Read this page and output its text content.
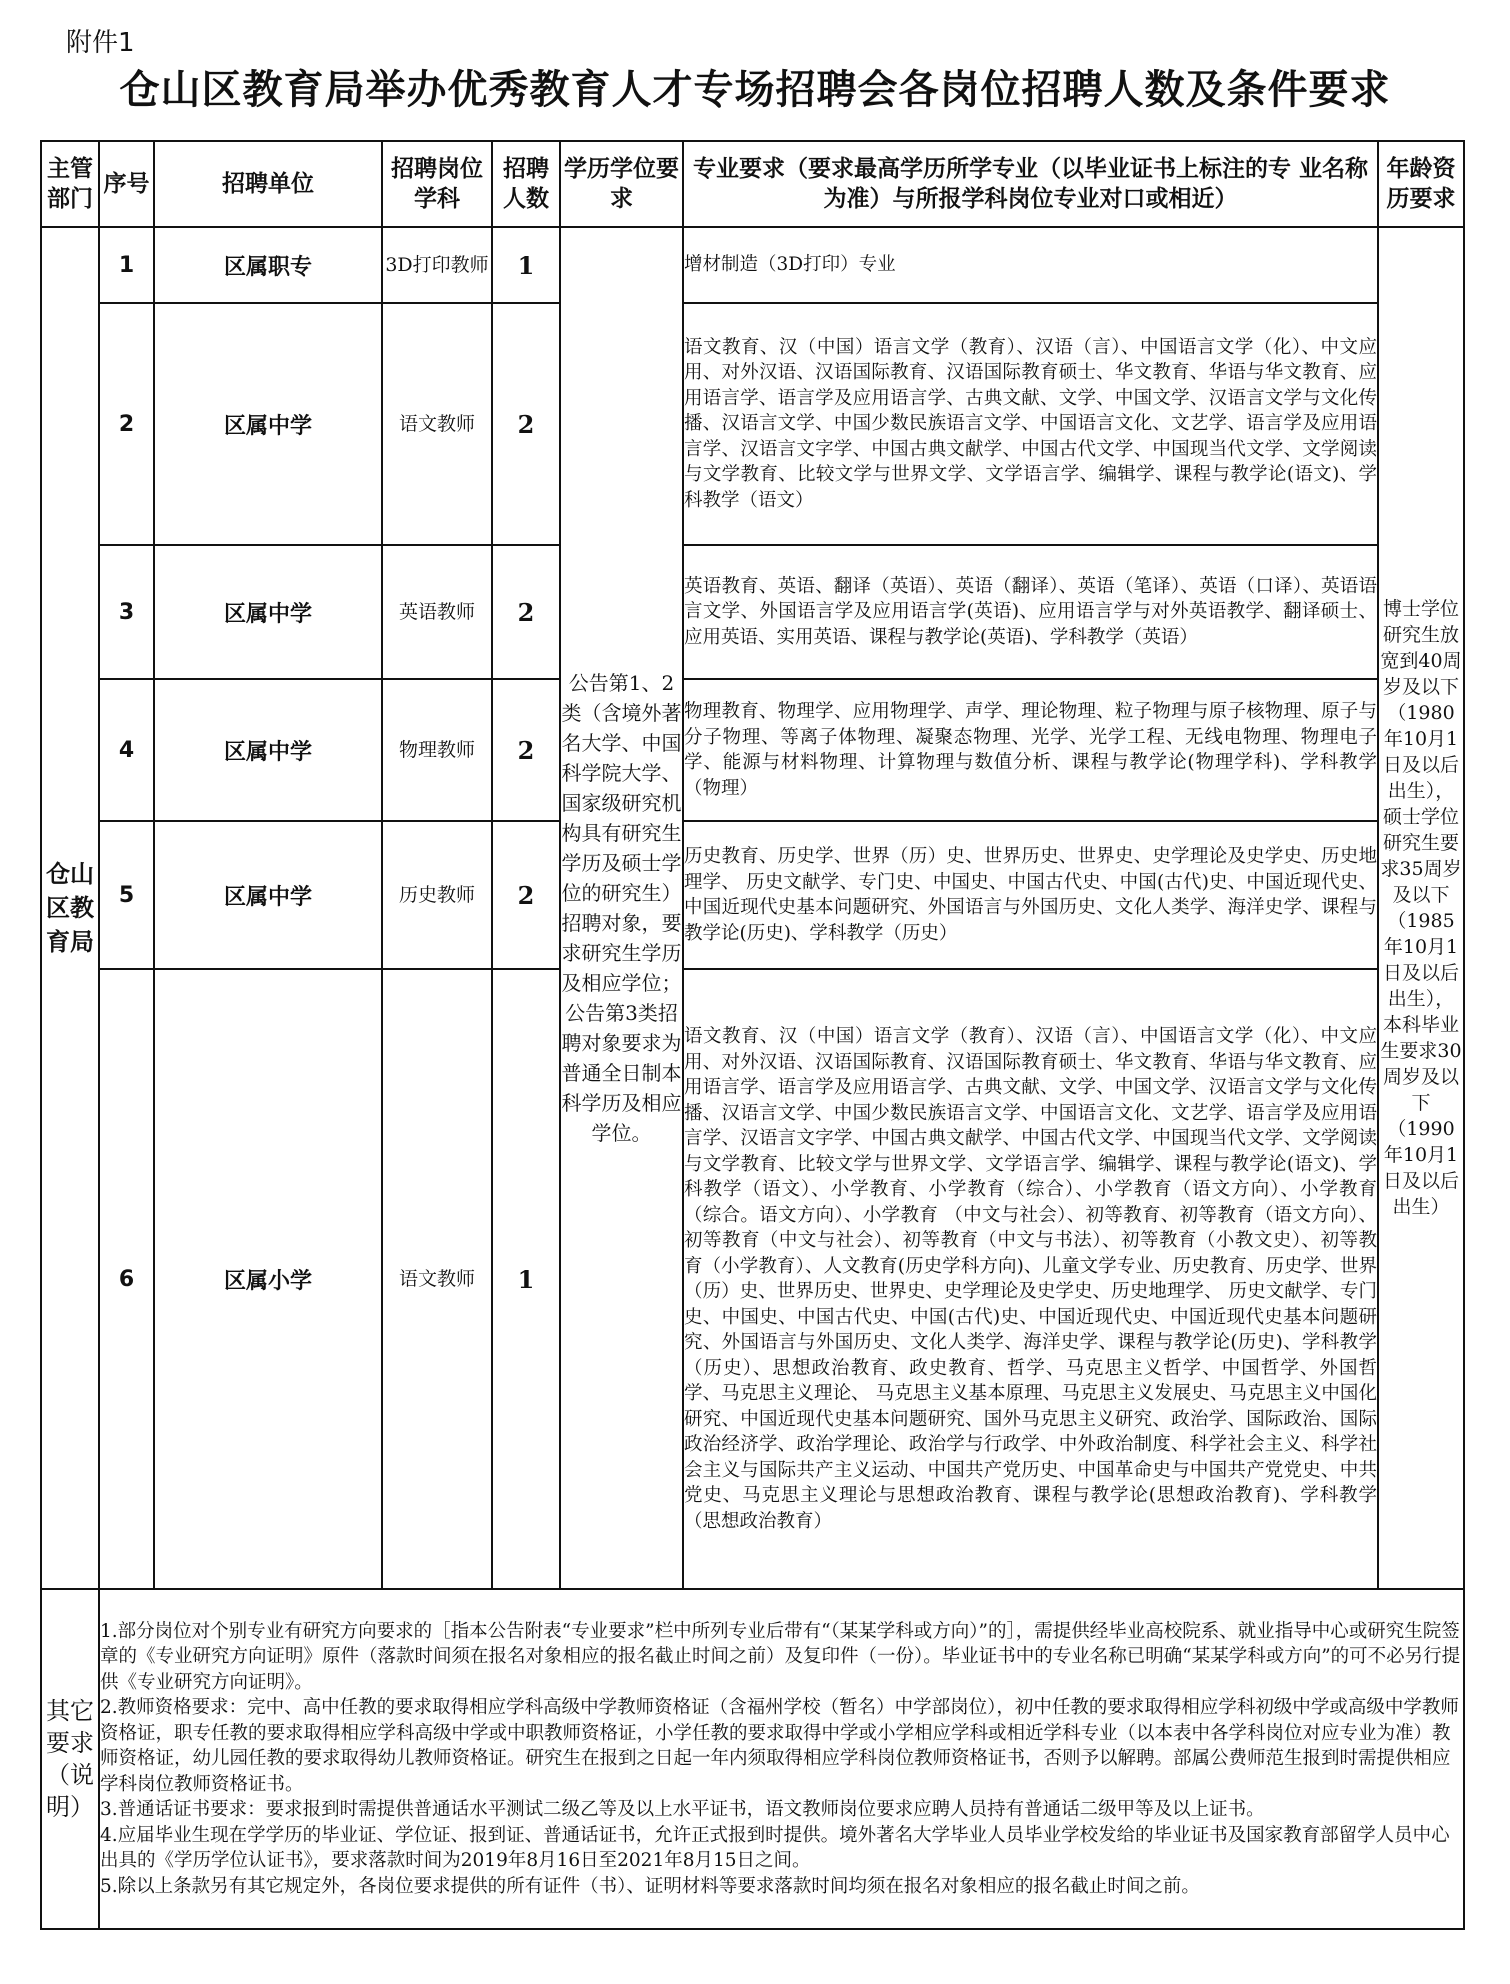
附件1
仓山区教育局举办优秀教育人才专场招聘会各岗位招聘人数及条件要求
主管部门	序号	招聘单位	招聘岗位学科	招聘人数	学历学位要求	专业要求（要求最高学历所学专业（以毕业证书上标注的专 业名称为准）与所报学科岗位专业对口或相近）	年龄资历要求
仓山区教育局	1	区属职专	3D打印教师	1	公告第1、2类（含境外著名大学、中国科学院大学、国家级研究机构具有研究生学历及硕士学位的研究生）招聘对象，要求研究生学历及相应学位；公告第3类招聘对象要求为普通全日制本科学历及相应学位。	增材制造（3D打印）专业	博士学位研究生放宽到40周岁及以下（1980年10月1日及以后出生），硕士学位研究生要求35周岁及以下（1985年10月1日及以后出生），本科毕业生要求30周岁及以下（1990年10月1日及以后出生）
	2	区属中学	语文教师	2		语文教育、汉（中国）语言文学（教育）、汉语（言）、中国语言文学（化）、中文应用、对外汉语、汉语国际教育、汉语国际教育硕士、华文教育、华语与华文教育、应用语言学、语言学及应用语言学、古典文献、文学、中国文学、汉语言文学与文化传播、汉语言文学、中国少数民族语言文学、中国语言文化、文艺学、语言学及应用语言学、汉语言文字学、中国古典文献学、中国古代文学、中国现当代文学、文学阅读与文学教育、比较文学与世界文学、文学语言学、编辑学、课程与教学论(语文)、学科教学（语文）	
	3	区属中学	英语教师	2		英语教育、英语、翻译（英语）、英语（翻译）、英语（笔译）、英语（口译）、英语语言文学、外国语言学及应用语言学(英语)、应用语言学与对外英语教学、翻译硕士、应用英语、实用英语、课程与教学论(英语)、学科教学（英语）	
	4	区属中学	物理教师	2		物理教育、物理学、应用物理学、声学、理论物理、粒子物理与原子核物理、原子与分子物理、等离子体物理、凝聚态物理、光学、光学工程、无线电物理、物理电子学、能源与材料物理、计算物理与数值分析、课程与教学论(物理学科)、学科教学（物理）	
	5	区属中学	历史教师	2		历史教育、历史学、世界（历）史、世界历史、世界史、史学理论及史学史、历史地理学、 历史文献学、专门史、中国史、中国古代史、中国(古代)史、中国近现代史、中国近现代史基本问题研究、外国语言与外国历史、文化人类学、海洋史学、课程与教学论(历史)、学科教学（历史）	
	6	区属小学	语文教师	1		语文教育、汉（中国）语言文学（教育）、汉语（言）、中国语言文学（化）、中文应用、对外汉语、汉语国际教育、汉语国际教育硕士、华文教育、华语与华文教育、应用语言学、语言学及应用语言学、古典文献、文学、中国文学、汉语言文学与文化传播、汉语言文学、中国少数民族语言文学、中国语言文化、文艺学、语言学及应用语言学、汉语言文字学、中国古典文献学、中国古代文学、中国现当代文学、文学阅读与文学教育、比较文学与世界文学、文学语言学、编辑学、课程与教学论(语文)、学科教学（语文）、小学教育、小学教育（综合）、小学教育（语文方向）、小学教育（综合。语文方向）、小学教育 （中文与社会）、初等教育、初等教育（语文方向）、初等教育（中文与社会）、初等教育（中文与书法）、初等教育（小教文史）、初等教育（小学教育）、人文教育(历史学科方向)、儿童文学专业、历史教育、历史学、世界（历）史、世界历史、世界史、史学理论及史学史、历史地理学、 历史文献学、专门史、中国史、中国古代史、中国(古代)史、中国近现代史、中国近现代史基本问题研究、外国语言与外国历史、文化人类学、海洋史学、课程与教学论(历史)、学科教学（历史）、思想政治教育、政史教育、哲学、马克思主义哲学、中国哲学、外国哲学、马克思主义理论、 马克思主义基本原理、马克思主义发展史、马克思主义中国化研究、中国近现代史基本问题研究、国外马克思主义研究、政治学、国际政治、国际政治经济学、政治学理论、政治学与行政学、中外政治制度、科学社会主义、科学社会主义与国际共产主义运动、中国共产党历史、中国革命史与中国共产党党史、中共党史、马克思主义理论与思想政治教育、课程与教学论(思想政治教育)、学科教学（思想政治教育）	
其它要求（说明）	1.部分岗位对个别专业有研究方向要求的［指本公告附表“专业要求”栏中所列专业后带有“（某某学科或方向）”的］，需提供经毕业高校院系、就业指导中心或研究生院签章的《专业研究方向证明》原件（落款时间须在报名对象相应的报名截止时间之前）及复印件（一份）。毕业证书中的专业名称已明确“某某学科或方向”的可不必另行提供《专业研究方向证明》。

2.教师资格要求：完中、高中任教的要求取得相应学科高级中学教师资格证（含福州学校（暂名）中学部岗位），初中任教的要求取得相应学科初级中学或高级中学教师资格证，职专任教的要求取得相应学科高级中学或中职教师资格证，小学任教的要求取得中学或小学相应学科或相近学科专业（以本表中各学科岗位对应专业为准）教师资格证，幼儿园任教的要求取得幼儿教师资格证。研究生在报到之日起一年内须取得相应学科岗位教师资格证书，否则予以解聘。部属公费师范生报到时需提供相应学科岗位教师资格证书。

3.普通话证书要求：要求报到时需提供普通话水平测试二级乙等及以上水平证书，语文教师岗位要求应聘人员持有普通话二级甲等及以上证书。

4.应届毕业生现在学学历的毕业证、学位证、报到证、普通话证书，允许正式报到时提供。境外著名大学毕业人员毕业学校发给的毕业证书及国家教育部留学人员中心出具的《学历学位认证书》，要求落款时间为2019年8月16日至2021年8月15日之间。

5.除以上条款另有其它规定外，各岗位要求提供的所有证件（书）、证明材料等要求落款时间均须在报名对象相应的报名截止时间之前。						
